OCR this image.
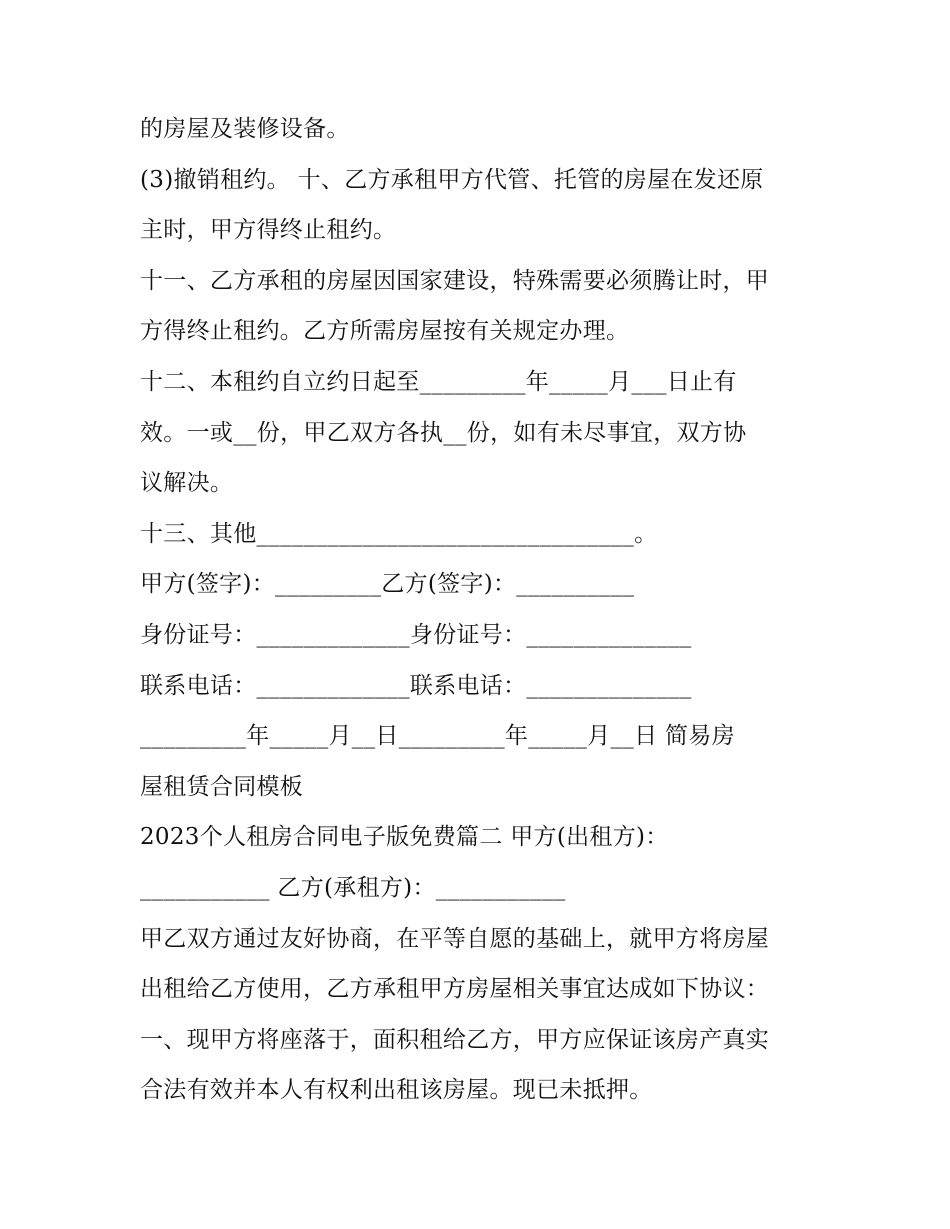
的房屋及装修设备。
(3)撤销租约。 十、乙方承租甲方代管、托管的房屋在发还原
主时，甲方得终止租约。
十一、乙方承租的房屋因国家建设，特殊需要必须腾让时，甲
方得终止租约。乙方所需房屋按有关规定办理。
十二、本租约自立约日起至_________年_____月___日止有
效。一或__份，甲乙双方各执__份，如有未尽事宜，双方协
议解决。
十三、其他________________________________。
甲方(签字)：_________乙方(签字)：__________
身份证号：_____________身份证号：______________
联系电话：_____________联系电话：______________
_________年_____月__日_________年_____月__日 简易房
屋租赁合同模板
2023个人租房合同电子版免费篇二 甲方(出租方)：
___________ 乙方(承租方)：___________
甲乙双方通过友好协商，在平等自愿的基础上，就甲方将房屋
出租给乙方使用，乙方承租甲方房屋相关事宜达成如下协议：
一、现甲方将座落于，面积租给乙方，甲方应保证该房产真实
合法有效并本人有权利出租该房屋。现已未抵押。
